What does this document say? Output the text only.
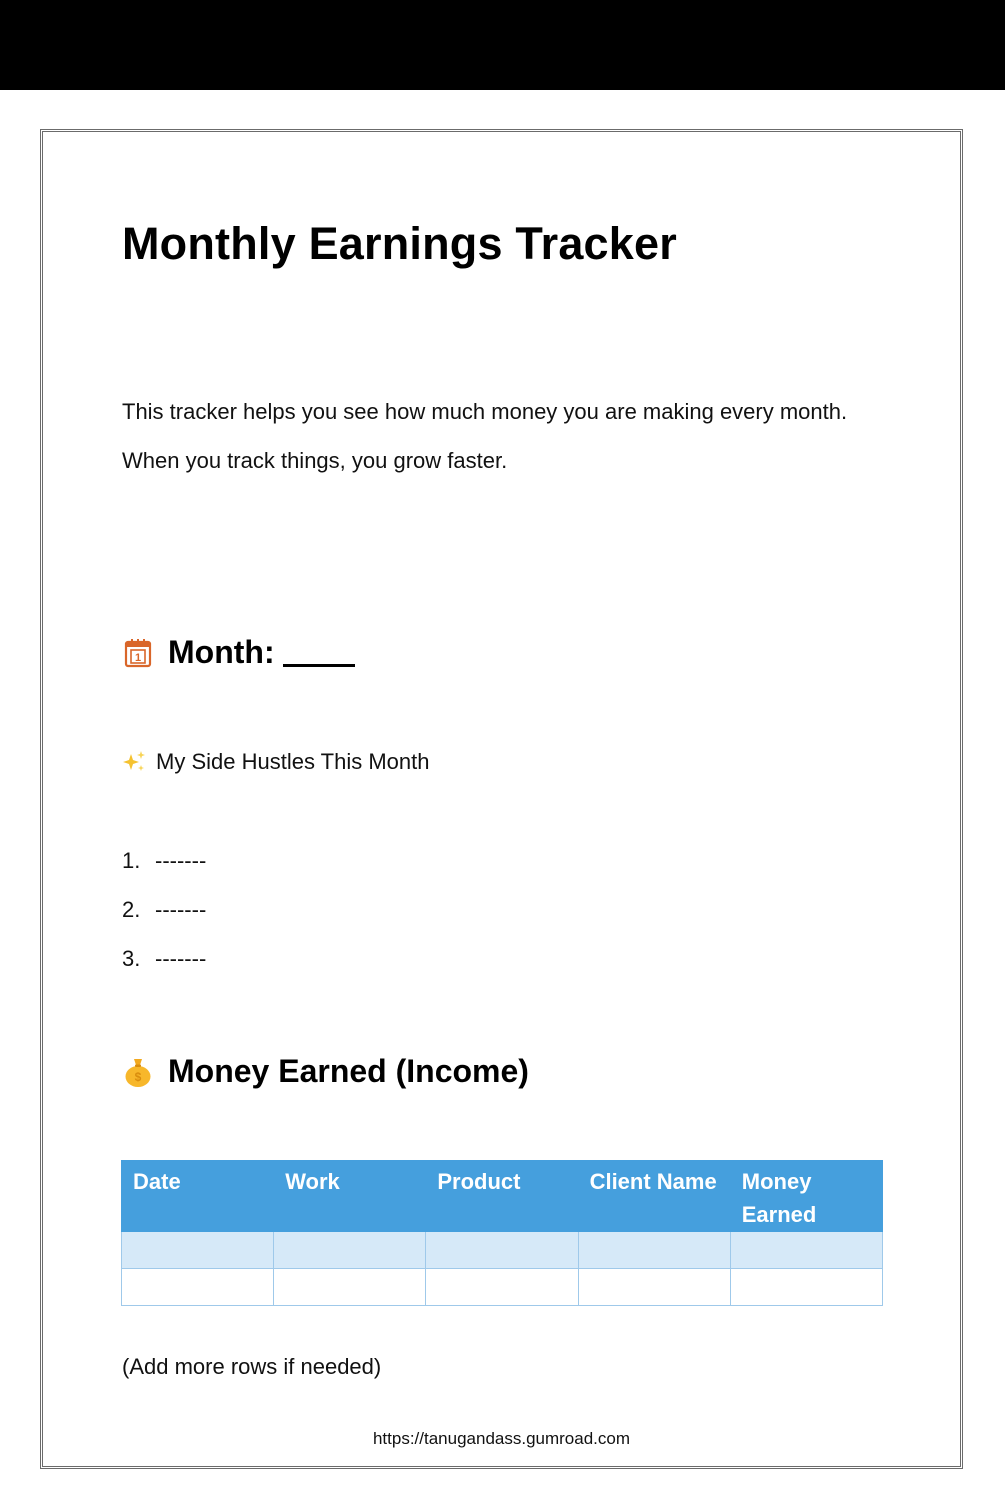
Monthly Earnings Tracker

This tracker helps you see how much money you are making every month.

When you track things, you grow faster.

1 Month:
My Side Hustles This Month
1. -------
2. -------
3. -------
$ Money Earned (Income)
Date	Work	Product	Client Name	Money Earned

(Add more rows if needed)
https://tanugandass.gumroad.com
